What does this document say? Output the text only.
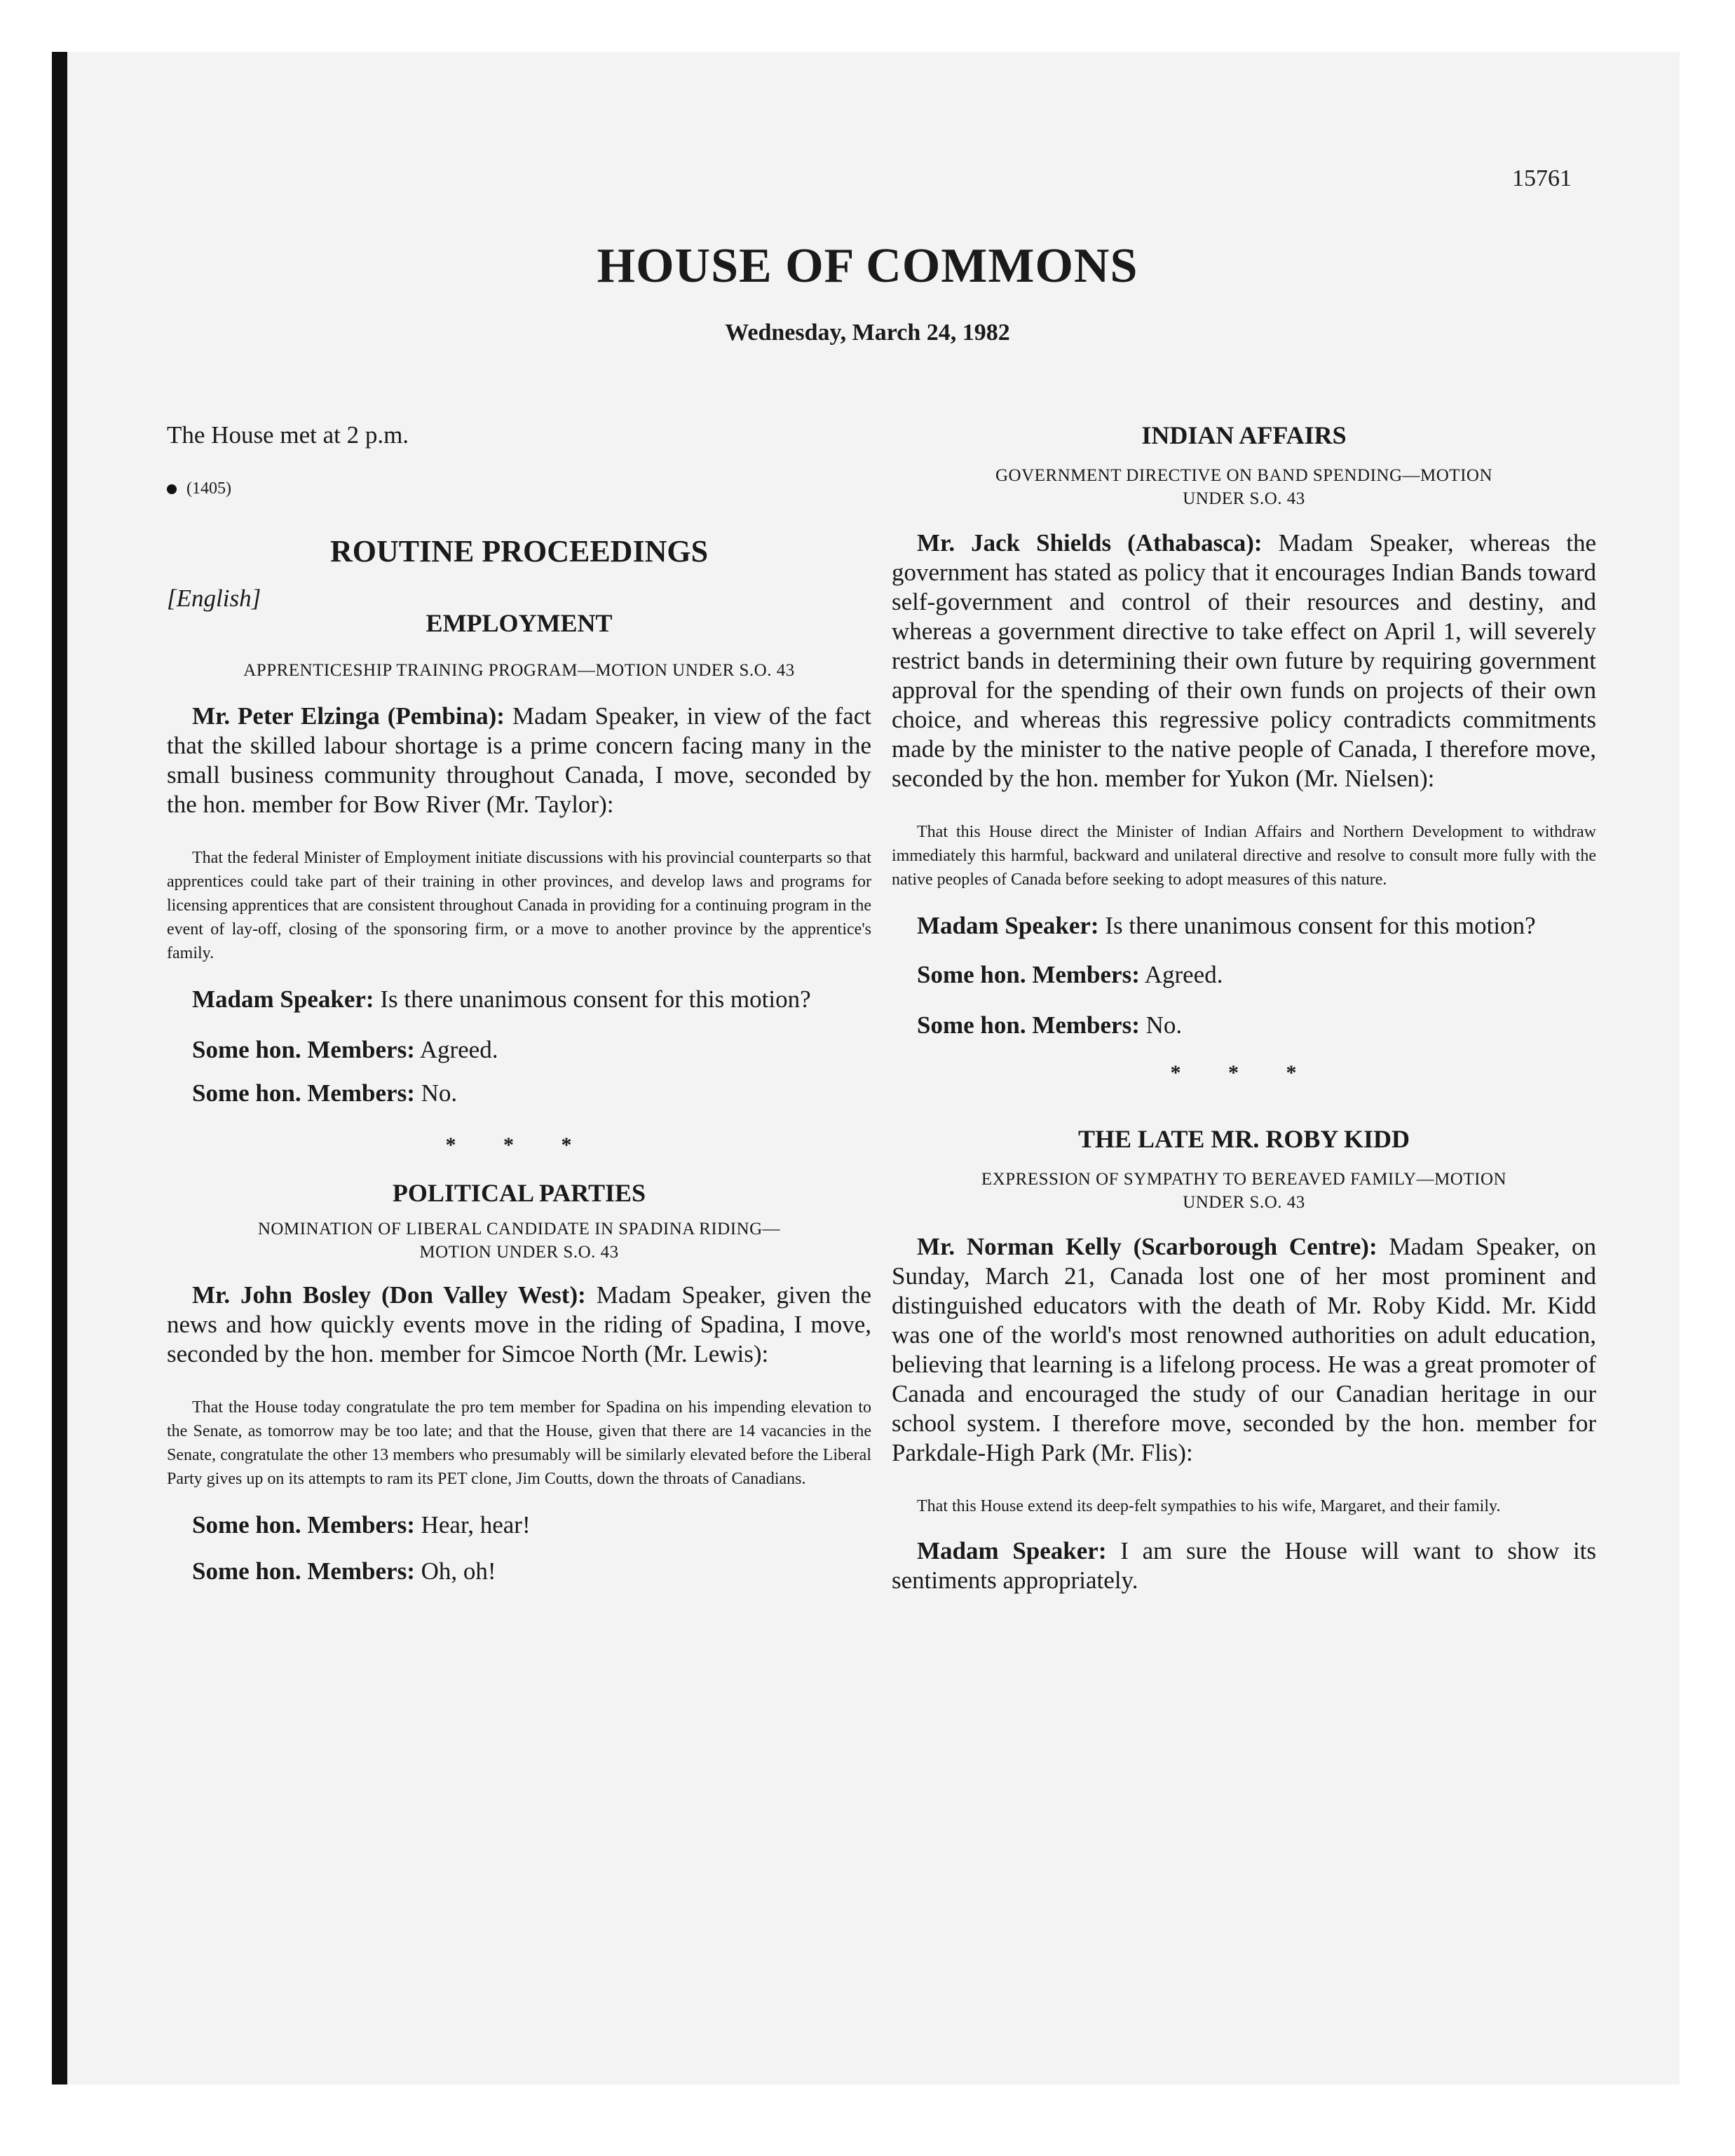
15761
HOUSE OF COMMONS
Wednesday, March 24, 1982

The House met at 2 p.m.

(1405)

ROUTINE PROCEEDINGS

[English]

EMPLOYMENT

APPRENTICESHIP TRAINING PROGRAM—MOTION UNDER S.O. 43

Mr. Peter Elzinga (Pembina): Madam Speaker, in view of the fact that the skilled labour shortage is a prime concern facing many in the small business community throughout Canada, I move, seconded by the hon. member for Bow River (Mr. Taylor):

That the federal Minister of Employment initiate discussions with his provincial counterparts so that apprentices could take part of their training in other provinces, and develop laws and programs for licensing apprentices that are consistent throughout Canada in providing for a continuing program in the event of lay-off, closing of the sponsoring firm, or a move to another province by the apprentice's family.

Madam Speaker: Is there unanimous consent for this motion?

Some hon. Members: Agreed.

Some hon. Members: No.

* * *

POLITICAL PARTIES

NOMINATION OF LIBERAL CANDIDATE IN SPADINA RIDING—

MOTION UNDER S.O. 43

Mr. John Bosley (Don Valley West): Madam Speaker, given the news and how quickly events move in the riding of Spadina, I move, seconded by the hon. member for Simcoe North (Mr. Lewis):

That the House today congratulate the pro tem member for Spadina on his impending elevation to the Senate, as tomorrow may be too late; and that the House, given that there are 14 vacancies in the Senate, congratulate the other 13 members who presumably will be similarly elevated before the Liberal Party gives up on its attempts to ram its PET clone, Jim Coutts, down the throats of Canadians.

Some hon. Members: Hear, hear!

Some hon. Members: Oh, oh!

INDIAN AFFAIRS

GOVERNMENT DIRECTIVE ON BAND SPENDING—MOTION

UNDER S.O. 43

Mr. Jack Shields (Athabasca): Madam Speaker, whereas the government has stated as policy that it encourages Indian Bands toward self-government and control of their resources and destiny, and whereas a government directive to take effect on April 1, will severely restrict bands in determining their own future by requiring government approval for the spending of their own funds on projects of their own choice, and whereas this regressive policy contradicts commitments made by the minister to the native people of Canada, I therefore move, seconded by the hon. member for Yukon (Mr. Nielsen):

That this House direct the Minister of Indian Affairs and Northern Development to withdraw immediately this harmful, backward and unilateral directive and resolve to consult more fully with the native peoples of Canada before seeking to adopt measures of this nature.

Madam Speaker: Is there unanimous consent for this motion?

Some hon. Members: Agreed.

Some hon. Members: No.

* * *

THE LATE MR. ROBY KIDD

EXPRESSION OF SYMPATHY TO BEREAVED FAMILY—MOTION

UNDER S.O. 43

Mr. Norman Kelly (Scarborough Centre): Madam Speaker, on Sunday, March 21, Canada lost one of her most prominent and distinguished educators with the death of Mr. Roby Kidd. Mr. Kidd was one of the world's most renowned authorities on adult education, believing that learning is a lifelong process. He was a great promoter of Canada and encouraged the study of our Canadian heritage in our school system. I therefore move, seconded by the hon. member for Parkdale-High Park (Mr. Flis):

That this House extend its deep-felt sympathies to his wife, Margaret, and their family.

Madam Speaker: I am sure the House will want to show its sentiments appropriately.
